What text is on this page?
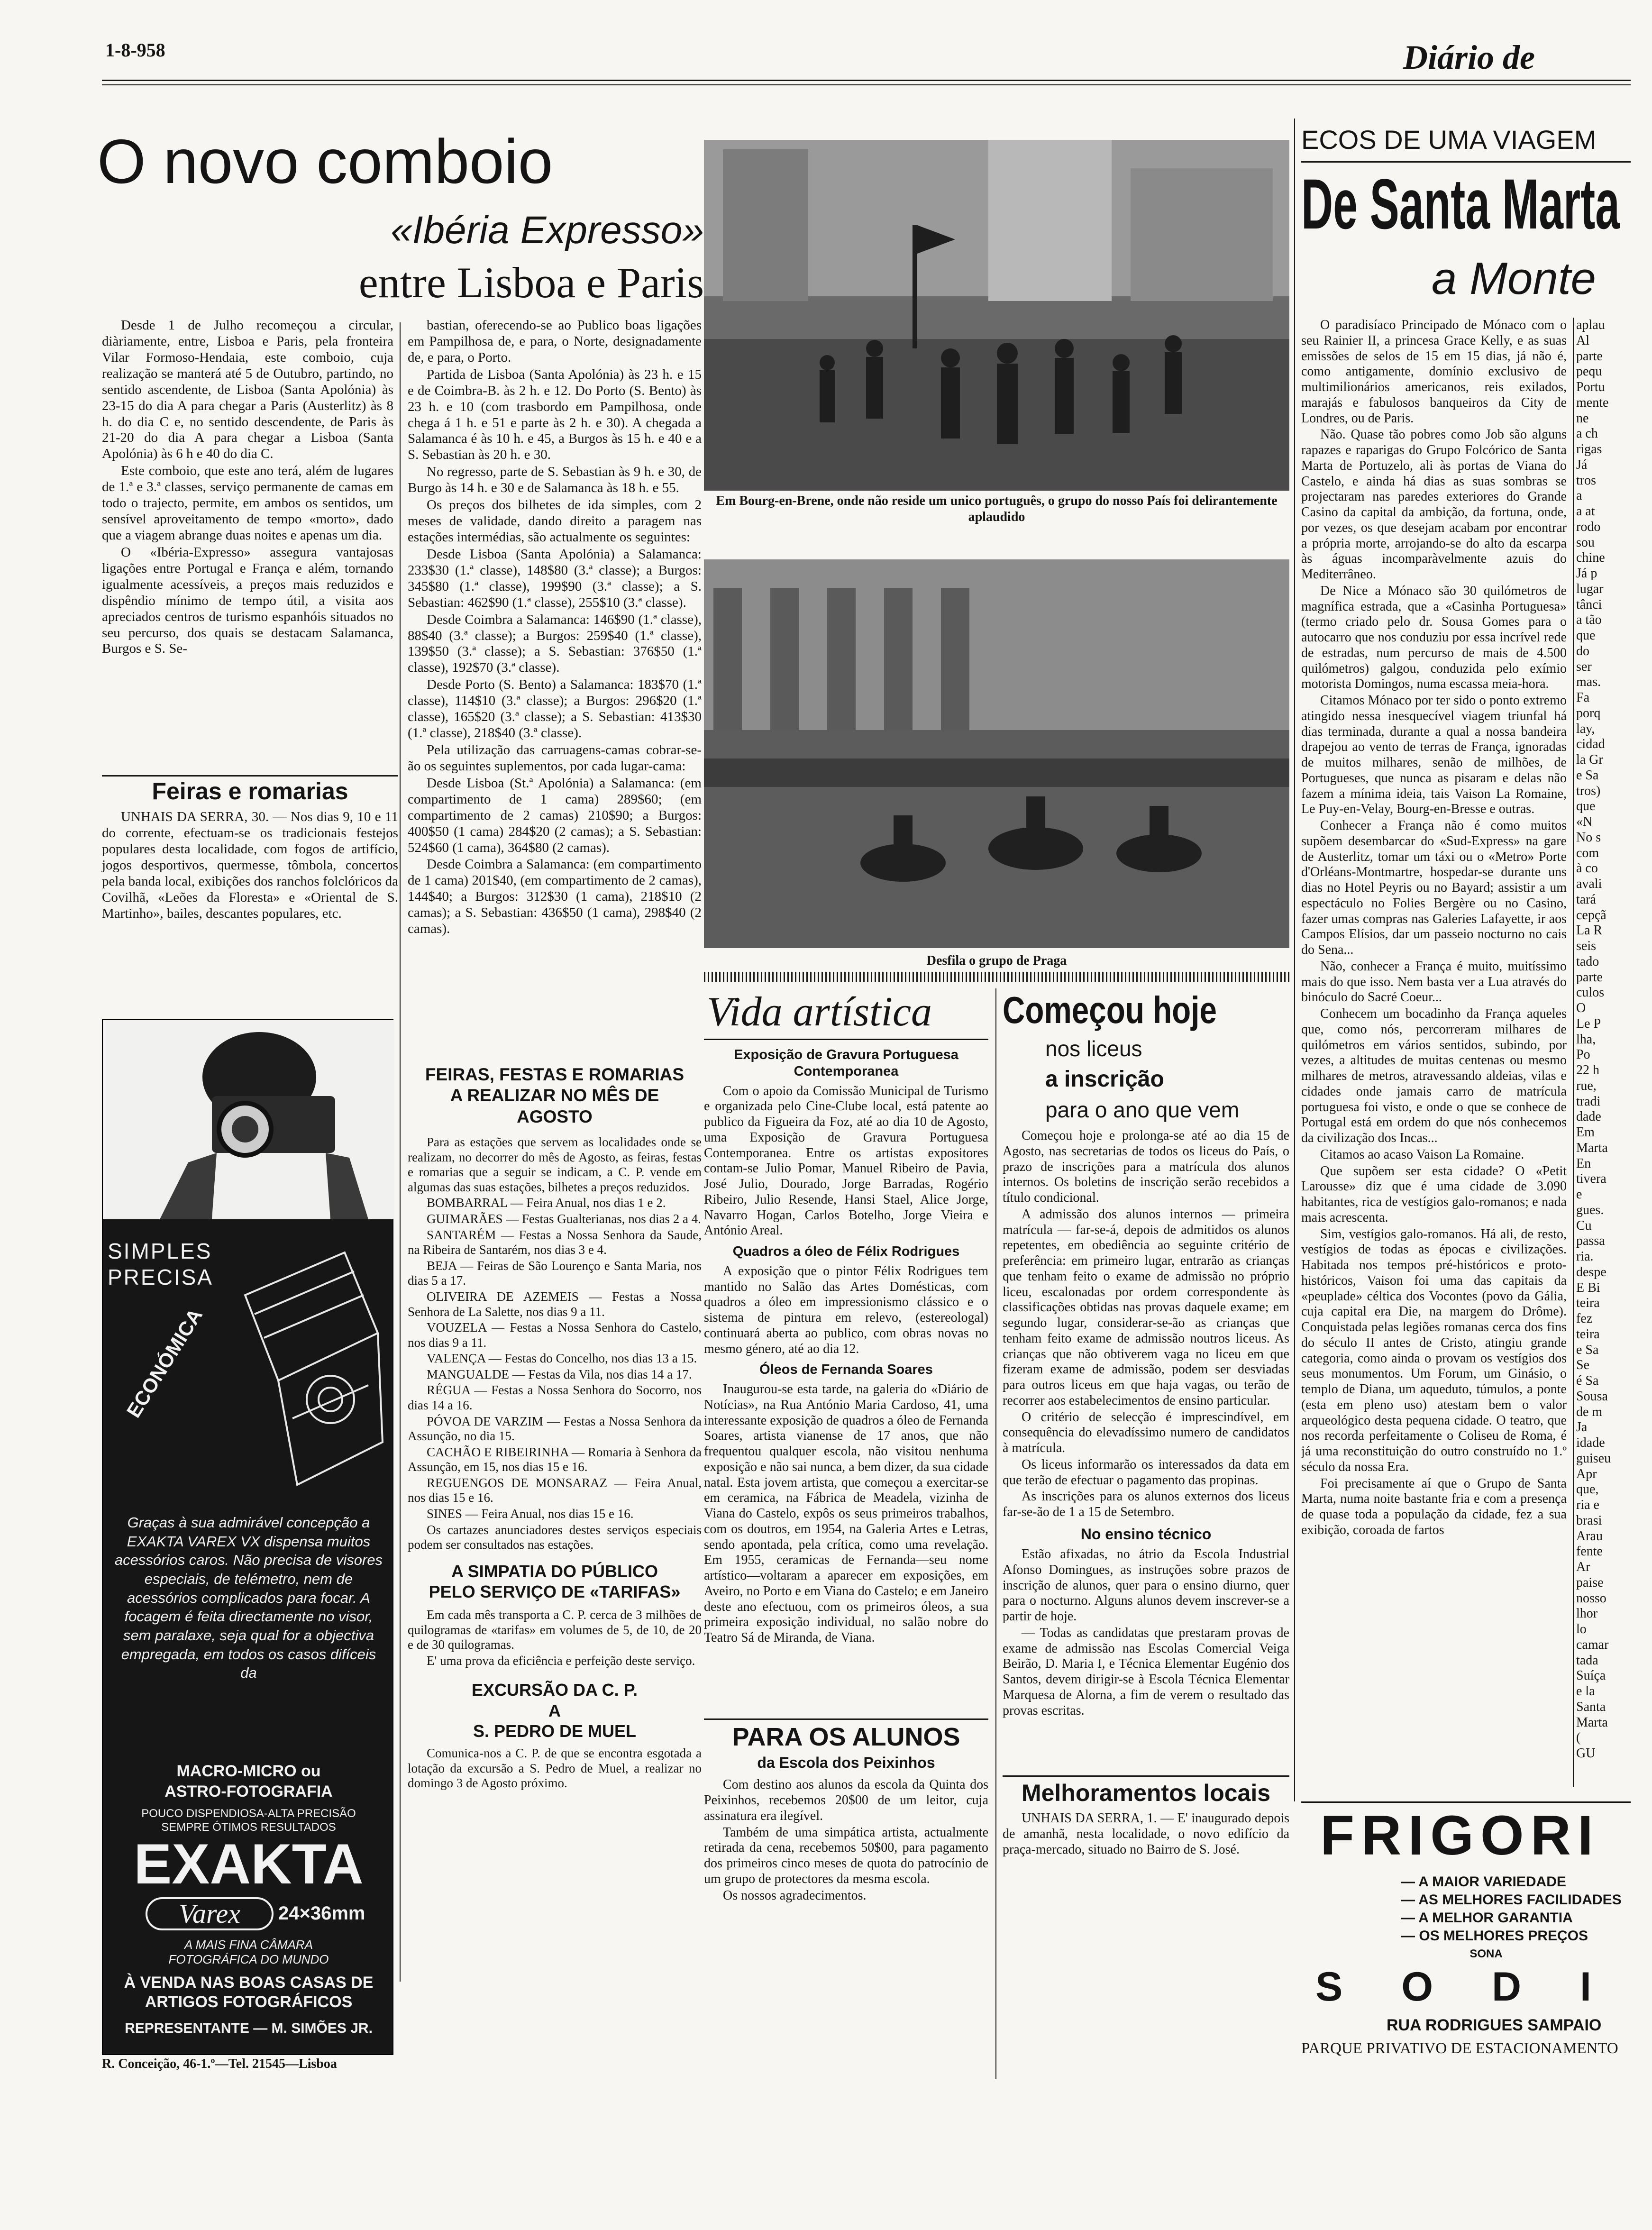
1-8-958	Diário de
O novo comboio
«Ibéria Expresso»
entre Lisboa e Paris

Desde 1 de Julho recomeçou a circular, diàriamente, entre, Lisboa e Paris, pela fronteira Vilar Formoso-Hendaia, este comboio, cuja realização se manterá até 5 de Outubro, partindo, no sentido ascendente, de Lisboa (Santa Apolónia) às 23-15 do dia A para chegar a Paris (Austerlitz) às 8 h. do dia C e, no sentido descendente, de Paris às 21-20 do dia A para chegar a Lisboa (Santa Apolónia) às 6 h e 40 do dia C.

Este comboio, que este ano terá, além de lugares de 1.ª e 3.ª classes, serviço permanente de camas em todo o trajecto, permite, em ambos os sentidos, um sensível aproveitamento de tempo «morto», dado que a viagem abrange duas noites e apenas um dia.

O «Ibéria-Expresso» assegura vantajosas ligações entre Portugal e França e além, tornando igualmente acessíveis, a preços mais reduzidos e dispêndio mínimo de tempo útil, a visita aos apreciados centros de turismo espanhóis situados no seu percurso, dos quais se destacam Salamanca, Burgos e S. Se-

bastian, oferecendo-se ao Publico boas ligações em Pampilhosa de, e para, o Norte, designadamente de, e para, o Porto.

Partida de Lisboa (Santa Apolónia) às 23 h. e 15 e de Coimbra-B. às 2 h. e 12. Do Porto (S. Bento) às 23 h. e 10 (com trasbordo em Pampilhosa, onde chega á 1 h. e 51 e parte às 2 h. e 30). A chegada a Salamanca é às 10 h. e 45, a Burgos às 15 h. e 40 e a S. Sebastian às 20 h. e 30.

No regresso, parte de S. Sebastian às 9 h. e 30, de Burgo às 14 h. e 30 e de Salamanca às 18 h. e 55.

Os preços dos bilhetes de ida simples, com 2 meses de validade, dando direito a paragem nas estações intermédias, são actualmente os seguintes:

Desde Lisboa (Santa Apolónia) a Salamanca: 233$30 (1.ª classe), 148$80 (3.ª classe); a Burgos: 345$80 (1.ª classe), 199$90 (3.ª classe); a S. Sebastian: 462$90 (1.ª classe), 255$10 (3.ª classe).

Desde Coimbra a Salamanca: 146$90 (1.ª classe), 88$40 (3.ª classe); a Burgos: 259$40 (1.ª classe), 139$50 (3.ª classe); a S. Sebastian: 376$50 (1.ª classe), 192$70 (3.ª classe).

Desde Porto (S. Bento) a Salamanca: 183$70 (1.ª classe), 114$10 (3.ª classe); a Burgos: 296$20 (1.ª classe), 165$20 (3.ª classe); a S. Sebastian: 413$30 (1.ª classe), 218$40 (3.ª classe).

Pela utilização das carruagens-camas cobrar-se-ão os seguintes suplementos, por cada lugar-cama:

Desde Lisboa (St.ª Apolónia) a Salamanca: (em compartimento de 1 cama) 289$60; (em compartimento de 2 camas) 210$90; a Burgos: 400$50 (1 cama) 284$20 (2 camas); a S. Sebastian: 524$60 (1 cama), 364$80 (2 camas).

Desde Coimbra a Salamanca: (em compartimento de 1 cama) 201$40, (em compartimento de 2 camas), 144$40; a Burgos: 312$30 (1 cama), 218$10 (2 camas); a S. Sebastian: 436$50 (1 cama), 298$40 (2 camas).

Feiras e romarias

UNHAIS DA SERRA, 30. — Nos dias 9, 10 e 11 do corrente, efectuam-se os tradicionais festejos populares desta localidade, com fogos de artifício, jogos desportivos, quermesse, tômbola, concertos pela banda local, exibições dos ranchos folclóricos da Covilhã, «Leões da Floresta» e «Oriental de S. Martinho», bailes, descantes populares, etc.

SIMPLES
PRECISA
ECONÓMICA
Graças à sua admirável concepção a EXAKTA VAREX VX dispensa muitos acessórios caros. Não precisa de visores especiais, de telémetro, nem de acessórios complicados para focar. A focagem é feita directamente no visor, sem paralaxe, seja qual for a objectiva empregada, em todos os casos difíceis da
MACRO-MICRO ou
ASTRO-FOTOGRAFIA
POUCO DISPENDIOSA-ALTA PRECISÃO SEMPRE ÓTIMOS RESULTADOS
EXAKTA
Varex	24×36mm
A MAIS FINA CÂMARA FOTOGRÁFICA DO MUNDO
À VENDA NAS BOAS CASAS DE ARTIGOS FOTOGRÁFICOS
REPRESENTANTE — M. SIMÕES JR.
R. Conceição, 46-1.º—Tel. 21545—Lisboa
FEIRAS, FESTAS E ROMARIAS A REALIZAR NO MÊS DE AGOSTO

Para as estações que servem as localidades onde se realizam, no decorrer do mês de Agosto, as feiras, festas e romarias que a seguir se indicam, a C. P. vende em algumas das suas estações, bilhetes a preços reduzidos.

BOMBARRAL — Feira Anual, nos dias 1 e 2.

GUIMARÃES — Festas Gualterianas, nos dias 2 a 4.

SANTARÉM — Festas a Nossa Senhora da Saude, na Ribeira de Santarém, nos dias 3 e 4.

BEJA — Feiras de São Lourenço e Santa Maria, nos dias 5 a 17.

OLIVEIRA DE AZEMEIS — Festas a Nossa Senhora de La Salette, nos dias 9 a 11.

VOUZELA — Festas a Nossa Senhora do Castelo, nos dias 9 a 11.

VALENÇA — Festas do Concelho, nos dias 13 a 15.

MANGUALDE — Festas da Vila, nos dias 14 a 17.

RÉGUA — Festas a Nossa Senhora do Socorro, nos dias 14 a 16.

PÓVOA DE VARZIM — Festas a Nossa Senhora da Assunção, no dia 15.

CACHÃO E RIBEIRINHA — Romaria à Senhora da Assunção, em 15, nos dias 15 e 16.

REGUENGOS DE MONSARAZ — Feira Anual, nos dias 15 e 16.

SINES — Feira Anual, nos dias 15 e 16.

Os cartazes anunciadores destes serviços especiais podem ser consultados nas estações.

A SIMPATIA DO PÚBLICO PELO SERVIÇO DE «TARIFAS»

Em cada mês transporta a C. P. cerca de 3 milhões de quilogramas de «tarifas» em volumes de 5, de 10, de 20 e de 30 quilogramas.

E' uma prova da eficiência e perfeição deste serviço.

EXCURSÃO DA C. P.
A
S. PEDRO DE MUEL

Comunica-nos a C. P. de que se encontra esgotada a lotação da excursão a S. Pedro de Muel, a realizar no domingo 3 de Agosto próximo.

Em Bourg-en-Brene, onde não reside um unico português, o grupo do nosso País foi delirantemente aplaudido
Desfila o grupo de Praga
Vida artística
Exposição de Gravura Portuguesa Contemporanea

Com o apoio da Comissão Municipal de Turismo e organizada pelo Cine-Clube local, está patente ao publico da Figueira da Foz, até ao dia 10 de Agosto, uma Exposição de Gravura Portuguesa Contemporanea. Entre os artistas expositores contam-se Julio Pomar, Manuel Ribeiro de Pavia, José Julio, Dourado, Jorge Barradas, Rogério Ribeiro, Julio Resende, Hansi Stael, Alice Jorge, Navarro Hogan, Carlos Botelho, Jorge Vieira e António Areal.

Quadros a óleo de Félix Rodrigues

A exposição que o pintor Félix Rodrigues tem mantido no Salão das Artes Domésticas, com quadros a óleo em impressionismo clássico e o sistema de pintura em relevo, (estereologal) continuará aberta ao publico, com obras novas no mesmo género, até ao dia 12.

Óleos de Fernanda Soares

Inaugurou-se esta tarde, na galeria do «Diário de Notícias», na Rua António Maria Cardoso, 41, uma interessante exposição de quadros a óleo de Fernanda Soares, artista vianense de 17 anos, que não frequentou qualquer escola, não visitou nenhuma exposição e não sai nunca, a bem dizer, da sua cidade natal. Esta jovem artista, que começou a exercitar-se em ceramica, na Fábrica de Meadela, vizinha de Viana do Castelo, expôs os seus primeiros trabalhos, com os doutros, em 1954, na Galeria Artes e Letras, sendo apontada, pela crítica, como uma revelação. Em 1955, ceramicas de Fernanda—seu nome artístico—voltaram a aparecer em exposições, em Aveiro, no Porto e em Viana do Castelo; e em Janeiro deste ano efectuou, com os primeiros óleos, a sua primeira exposição individual, no salão nobre do Teatro Sá de Miranda, de Viana.

PARA OS ALUNOS
da Escola dos Peixinhos

Com destino aos alunos da escola da Quinta dos Peixinhos, recebemos 20$00 de um leitor, cuja assinatura era ilegível.

Também de uma simpática artista, actualmente retirada da cena, recebemos 50$00, para pagamento dos primeiros cinco meses de quota do patrocínio de um grupo de protectores da mesma escola.

Os nossos agradecimentos.

Começou hoje
nos liceus
a inscrição
para o ano que vem

Começou hoje e prolonga-se até ao dia 15 de Agosto, nas secretarias de todos os liceus do País, o prazo de inscrições para a matrícula dos alunos internos. Os boletins de inscrição serão recebidos a título condicional.

A admissão dos alunos internos — primeira matrícula — far-se-á, depois de admitidos os alunos repetentes, em obediência ao seguinte critério de preferência: em primeiro lugar, entrarão as crianças que tenham feito o exame de admissão no próprio liceu, escalonadas por ordem correspondente às classificações obtidas nas provas daquele exame; em segundo lugar, considerar-se-ão as crianças que tenham feito exame de admissão noutros liceus. As crianças que não obtiverem vaga no liceu em que fizeram exame de admissão, podem ser desviadas para outros liceus em que haja vagas, ou terão de recorrer aos estabelecimentos de ensino particular.

O critério de selecção é imprescindível, em consequência do elevadíssimo numero de candidatos à matrícula.

Os liceus informarão os interessados da data em que terão de efectuar o pagamento das propinas.

As inscrições para os alunos externos dos liceus far-se-ão de 1 a 15 de Setembro.

No ensino técnico

Estão afixadas, no átrio da Escola Industrial Afonso Domingues, as instruções sobre prazos de inscrição de alunos, quer para o ensino diurno, quer para o nocturno. Alguns alunos devem inscrever-se a partir de hoje.

— Todas as candidatas que prestaram provas de exame de admissão nas Escolas Comercial Veiga Beirão, D. Maria I, e Técnica Elementar Eugénio dos Santos, devem dirigir-se à Escola Técnica Elementar Marquesa de Alorna, a fim de verem o resultado das provas escritas.

Melhoramentos locais

UNHAIS DA SERRA, 1. — E' inaugurado depois de amanhã, nesta localidade, o novo edifício da praça-mercado, situado no Bairro de S. José.

ECOS DE UMA VIAGEM
De Santa Marta
a Monte

O paradisíaco Principado de Mónaco com o seu Rainier II, a princesa Grace Kelly, e as suas emissões de selos de 15 em 15 dias, já não é, como antigamente, domínio exclusivo de multimilionários americanos, reis exilados, marajás e fabulosos banqueiros da City de Londres, ou de Paris.

Não. Quase tão pobres como Job são alguns rapazes e raparigas do Grupo Folcórico de Santa Marta de Portuzelo, ali às portas de Viana do Castelo, e ainda há dias as suas sombras se projectaram nas paredes exteriores do Grande Casino da capital da ambição, da fortuna, onde, por vezes, os que desejam acabam por encontrar a própria morte, arrojando-se do alto da escarpa às águas incomparàvelmente azuis do Mediterrâneo.

De Nice a Mónaco são 30 quilómetros de magnífica estrada, que a «Casinha Portuguesa» (termo criado pelo dr. Sousa Gomes para o autocarro que nos conduziu por essa incrível rede de estradas, num percurso de mais de 4.500 quilómetros) galgou, conduzida pelo exímio motorista Domingos, numa escassa meia-hora.

Citamos Mónaco por ter sido o ponto extremo atingido nessa inesquecível viagem triunfal há dias terminada, durante a qual a nossa bandeira drapejou ao vento de terras de França, ignoradas de muitos milhares, senão de milhões, de Portugueses, que nunca as pisaram e delas não fazem a mínima ideia, tais Vaison La Romaine, Le Puy-en-Velay, Bourg-en-Bresse e outras.

Conhecer a França não é como muitos supõem desembarcar do «Sud-Express» na gare de Austerlitz, tomar um táxi ou o «Metro» Porte d'Orléans-Montmartre, hospedar-se durante uns dias no Hotel Peyris ou no Bayard; assistir a um espectáculo no Folies Bergère ou no Casino, fazer umas compras nas Galeries Lafayette, ir aos Campos Elísios, dar um passeio nocturno no cais do Sena...

Não, conhecer a França é muito, muitíssimo mais do que isso. Nem basta ver a Lua através do binóculo do Sacré Coeur...

Conhecem um bocadinho da França aqueles que, como nós, percorreram milhares de quilómetros em vários sentidos, subindo, por vezes, a altitudes de muitas centenas ou mesmo milhares de metros, atravessando aldeias, vilas e cidades onde jamais carro de matrícula portuguesa foi visto, e onde o que se conhece de Portugal está em ordem do que nós conhecemos da civilização dos Incas...

Citamos ao acaso Vaison La Romaine.

Que supõem ser esta cidade? O «Petit Larousse» diz que é uma cidade de 3.090 habitantes, rica de vestígios galo-romanos; e nada mais acrescenta.

Sim, vestígios galo-romanos. Há ali, de resto, vestígios de todas as épocas e civilizações. Habitada nos tempos pré-históricos e proto-históricos, Vaison foi uma das capitais da «peuplade» céltica dos Vocontes (povo da Gália, cuja capital era Die, na margem do Drôme). Conquistada pelas legiões romanas cerca dos fins do século II antes de Cristo, atingiu grande categoria, como ainda o provam os vestígios dos seus monumentos. Um Forum, um Ginásio, o templo de Diana, um aqueduto, túmulos, a ponte (esta em pleno uso) atestam bem o valor arqueológico desta pequena cidade. O teatro, que nos recorda perfeitamente o Coliseu de Roma, é já uma reconstituição do outro construído no 1.º século da nossa Era.

Foi precisamente aí que o Grupo de Santa Marta, numa noite bastante fria e com a presença de quase toda a população da cidade, fez a sua exibição, coroada de fartos

aplau
Al
parte
pequ
Portu
mente
ne
a ch
rigas
Já
tros
a
a at
rodo
sou
chine
Já p
lugar
tânci
a tão
que
do
ser
mas.
Fa
porq
lay,
cidad
la Gr
e Sa
tros)
que
«N
No s
com
à co
avali
tará
cepçã
La R
seis
tado
parte
culos
O
Le P
lha,
Po
22 h
rue,
tradi
dade
Em
Marta
En
tivera
e
gues.
Cu
passa
ria.
despe
E Bi
teira
fez
teira
e Sa
Se
é Sa
Sousa
de m
Ja
idade
guiseu
Apr
que,
ria e
brasi
Arau
fente
Ar
paise
nosso
lhor
lo
camar
tada
Suíça
e la
Santa
Marta
(
GU
FRIGORI
— A MAIOR VARIEDADE
— AS MELHORES FACILIDADES
— A MELHOR GARANTIA
— OS MELHORES PREÇOS
SONA
S O D I
RUA RODRIGUES SAMPAIO
PARQUE PRIVATIVO DE ESTACIONAMENTO
